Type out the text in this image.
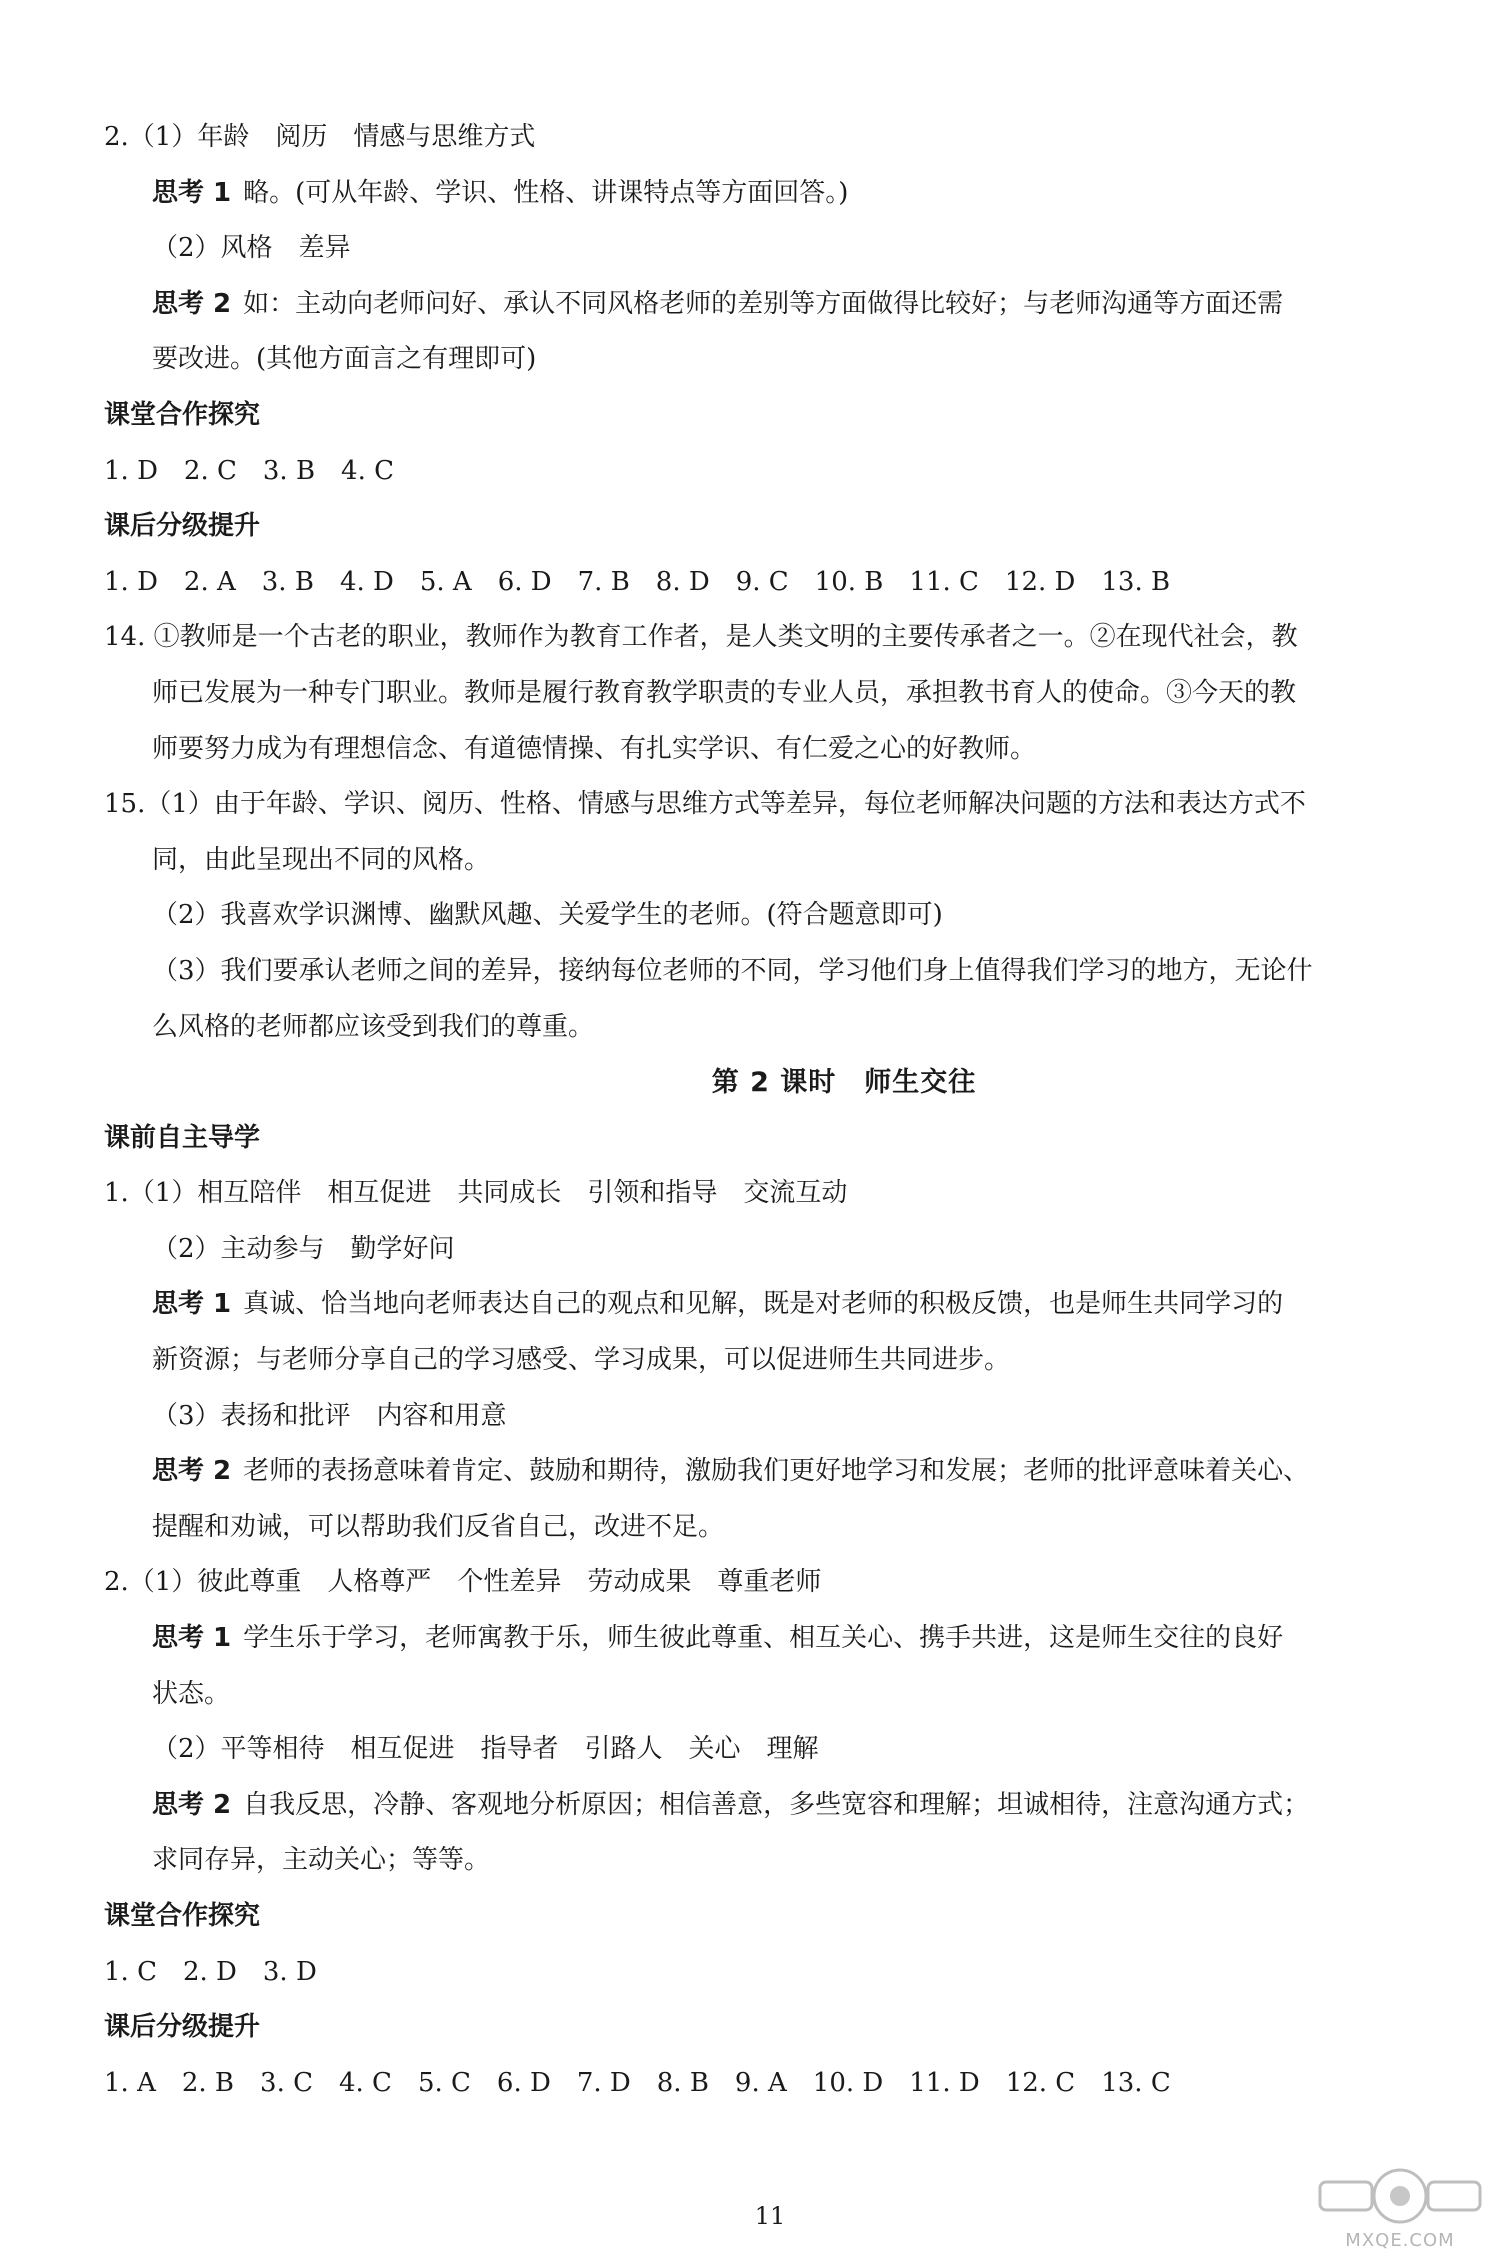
2.（1）年龄　阅历　情感与思维方式
思考 1 略。(可从年龄、学识、性格、讲课特点等方面回答。)
（2）风格　差异
思考 2 如：主动向老师问好、承认不同风格老师的差别等方面做得比较好；与老师沟通等方面还需
要改进。(其他方面言之有理即可)
课堂合作探究
1. D　2. C　3. B　4. C
课后分级提升
1. D　2. A　3. B　4. D　5. A　6. D　7. B　8. D　9. C　10. B　11. C　12. D　13. B
14. ①教师是一个古老的职业，教师作为教育工作者，是人类文明的主要传承者之一。②在现代社会，教
师已发展为一种专门职业。教师是履行教育教学职责的专业人员，承担教书育人的使命。③今天的教
师要努力成为有理想信念、有道德情操、有扎实学识、有仁爱之心的好教师。
15.（1）由于年龄、学识、阅历、性格、情感与思维方式等差异，每位老师解决问题的方法和表达方式不
同，由此呈现出不同的风格。
（2）我喜欢学识渊博、幽默风趣、关爱学生的老师。(符合题意即可)
（3）我们要承认老师之间的差异，接纳每位老师的不同，学习他们身上值得我们学习的地方，无论什
么风格的老师都应该受到我们的尊重。
第 2 课时　师生交往
课前自主导学
1.（1）相互陪伴　相互促进　共同成长　引领和指导　交流互动
（2）主动参与　勤学好问
思考 1 真诚、恰当地向老师表达自己的观点和见解，既是对老师的积极反馈，也是师生共同学习的
新资源；与老师分享自己的学习感受、学习成果，可以促进师生共同进步。
（3）表扬和批评　内容和用意
思考 2 老师的表扬意味着肯定、鼓励和期待，激励我们更好地学习和发展；老师的批评意味着关心、
提醒和劝诫，可以帮助我们反省自己，改进不足。
2.（1）彼此尊重　人格尊严　个性差异　劳动成果　尊重老师
思考 1 学生乐于学习，老师寓教于乐，师生彼此尊重、相互关心、携手共进，这是师生交往的良好
状态。
（2）平等相待　相互促进　指导者　引路人　关心　理解
思考 2 自我反思，冷静、客观地分析原因；相信善意，多些宽容和理解；坦诚相待，注意沟通方式；
求同存异，主动关心；等等。
课堂合作探究
1. C　2. D　3. D
课后分级提升
1. A　2. B　3. C　4. C　5. C　6. D　7. D　8. B　9. A　10. D　11. D　12. C　13. C
11
MXQE.COM
